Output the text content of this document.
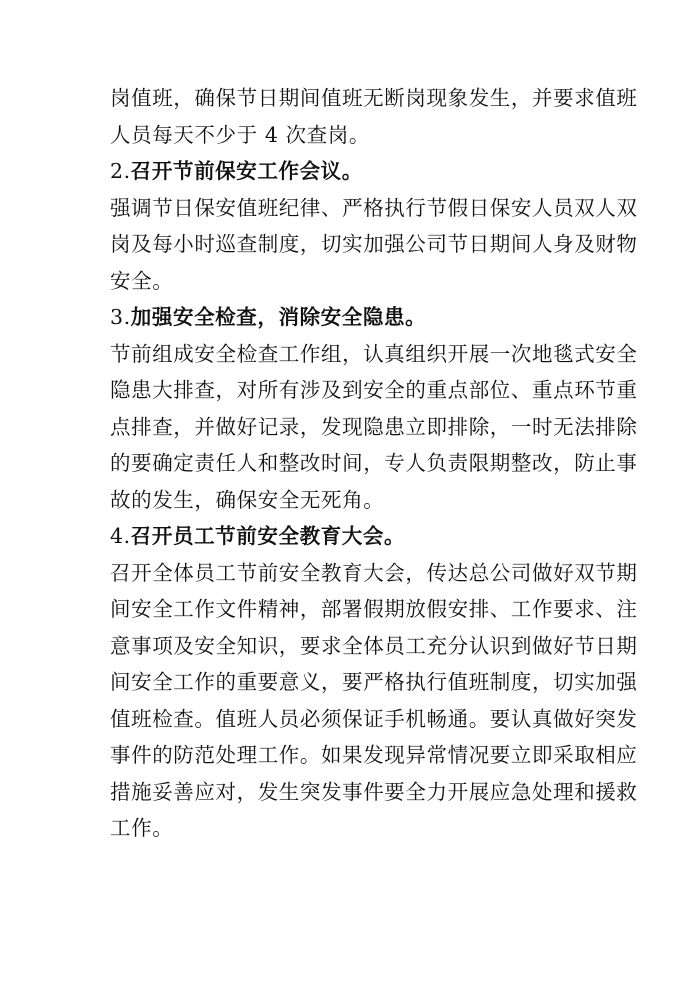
岗值班，确保节日期间值班无断岗现象发生，并要求值班
人员每天不少于 4 次查岗。
2.召开节前保安工作会议。
强调节日保安值班纪律、严格执行节假日保安人员双人双
岗及每小时巡查制度，切实加强公司节日期间人身及财物
安全。
3.加强安全检查，消除安全隐患。
节前组成安全检查工作组，认真组织开展一次地毯式安全
隐患大排查，对所有涉及到安全的重点部位、重点环节重
点排查，并做好记录，发现隐患立即排除，一时无法排除
的要确定责任人和整改时间，专人负责限期整改，防止事
故的发生，确保安全无死角。
4.召开员工节前安全教育大会。
召开全体员工节前安全教育大会，传达总公司做好双节期
间安全工作文件精神，部署假期放假安排、工作要求、注
意事项及安全知识，要求全体员工充分认识到做好节日期
间安全工作的重要意义，要严格执行值班制度，切实加强
值班检查。值班人员必须保证手机畅通。要认真做好突发
事件的防范处理工作。如果发现异常情况要立即采取相应
措施妥善应对，发生突发事件要全力开展应急处理和援救
工作。
